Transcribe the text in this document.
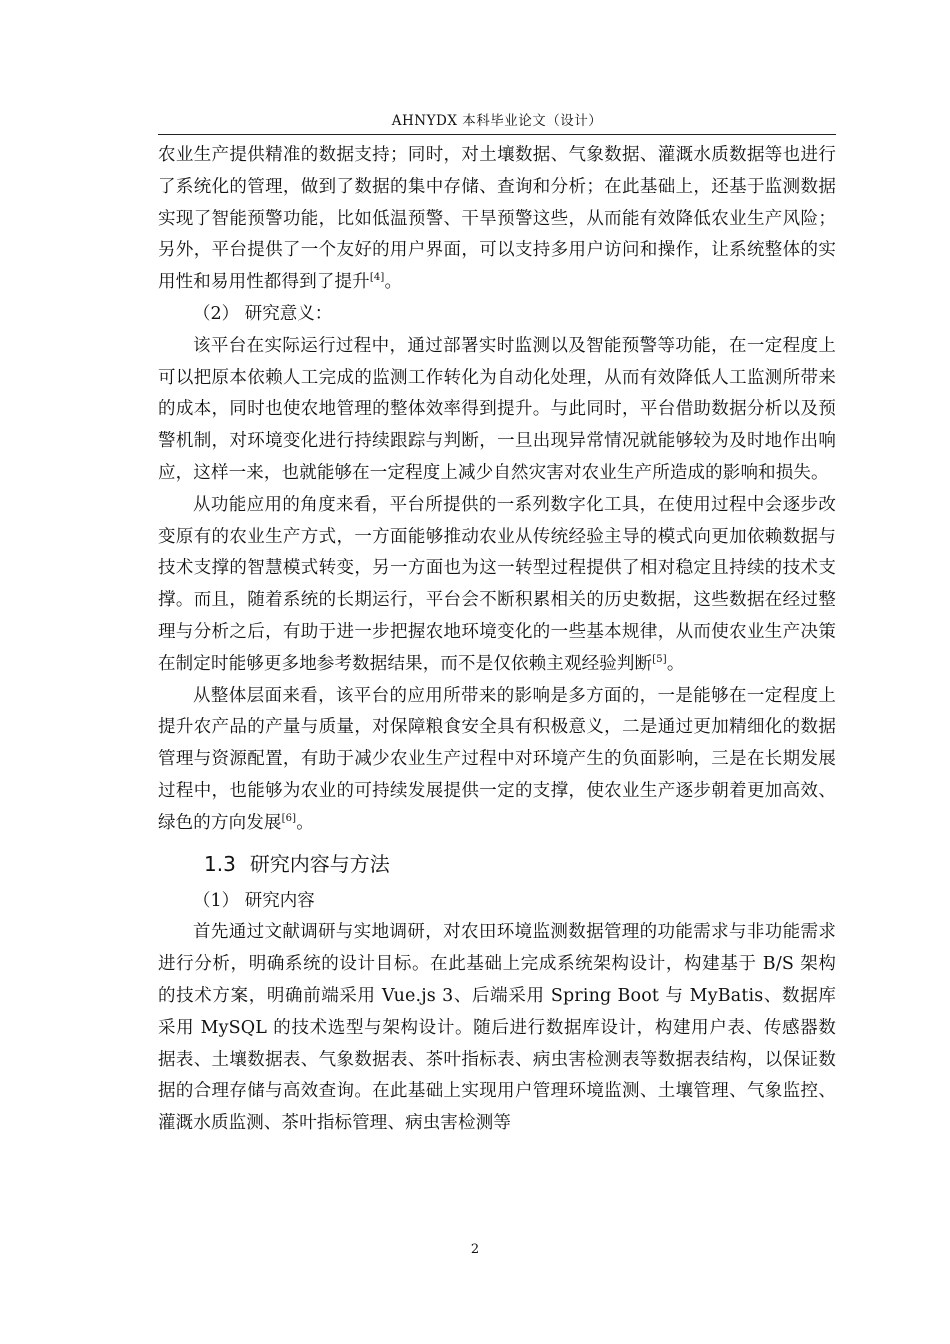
AHNYDX 本科毕业论文（设计）

农业生产提供精准的数据支持；同时，对土壤数据、气象数据、灌溉水质数据等也进行了系统化的管理，做到了数据的集中存储、查询和分析；在此基础上，还基于监测数据实现了智能预警功能，比如低温预警、干旱预警这些，从而能有效降低农业生产风险；另外，平台提供了一个友好的用户界面，可以支持多用户访问和操作，让系统整体的实用性和易用性都得到了提升[4]。

（2） 研究意义：

该平台在实际运行过程中，通过部署实时监测以及智能预警等功能，在一定程度上可以把原本依赖人工完成的监测工作转化为自动化处理，从而有效降低人工监测所带来的成本，同时也使农地管理的整体效率得到提升。与此同时，平台借助数据分析以及预警机制，对环境变化进行持续跟踪与判断，一旦出现异常情况就能够较为及时地作出响应，这样一来，也就能够在一定程度上减少自然灾害对农业生产所造成的影响和损失。

从功能应用的角度来看，平台所提供的一系列数字化工具，在使用过程中会逐步改变原有的农业生产方式，一方面能够推动农业从传统经验主导的模式向更加依赖数据与技术支撑的智慧模式转变，另一方面也为这一转型过程提供了相对稳定且持续的技术支撑。而且，随着系统的长期运行，平台会不断积累相关的历史数据，这些数据在经过整理与分析之后，有助于进一步把握农地环境变化的一些基本规律，从而使农业生产决策在制定时能够更多地参考数据结果，而不是仅依赖主观经验判断[5]。

从整体层面来看，该平台的应用所带来的影响是多方面的，一是能够在一定程度上提升农产品的产量与质量，对保障粮食安全具有积极意义，二是通过更加精细化的数据管理与资源配置，有助于减少农业生产过程中对环境产生的负面影响，三是在长期发展过程中，也能够为农业的可持续发展提供一定的支撑，使农业生产逐步朝着更加高效、绿色的方向发展[6]。

1.3 研究内容与方法

（1） 研究内容

首先通过文献调研与实地调研，对农田环境监测数据管理的功能需求与非功能需求进行分析，明确系统的设计目标。在此基础上完成系统架构设计，构建基于 B/S 架构的技术方案，明确前端采用 Vue.js 3、后端采用 Spring Boot 与 MyBatis、数据库采用 MySQL 的技术选型与架构设计。随后进行数据库设计，构建用户表、传感器数据表、土壤数据表、气象数据表、茶叶指标表、病虫害检测表等数据表结构，以保证数据的合理存储与高效查询。在此基础上实现用户管理环境监测、土壤管理、气象监控、灌溉水质监测、茶叶指标管理、病虫害检测等

2
